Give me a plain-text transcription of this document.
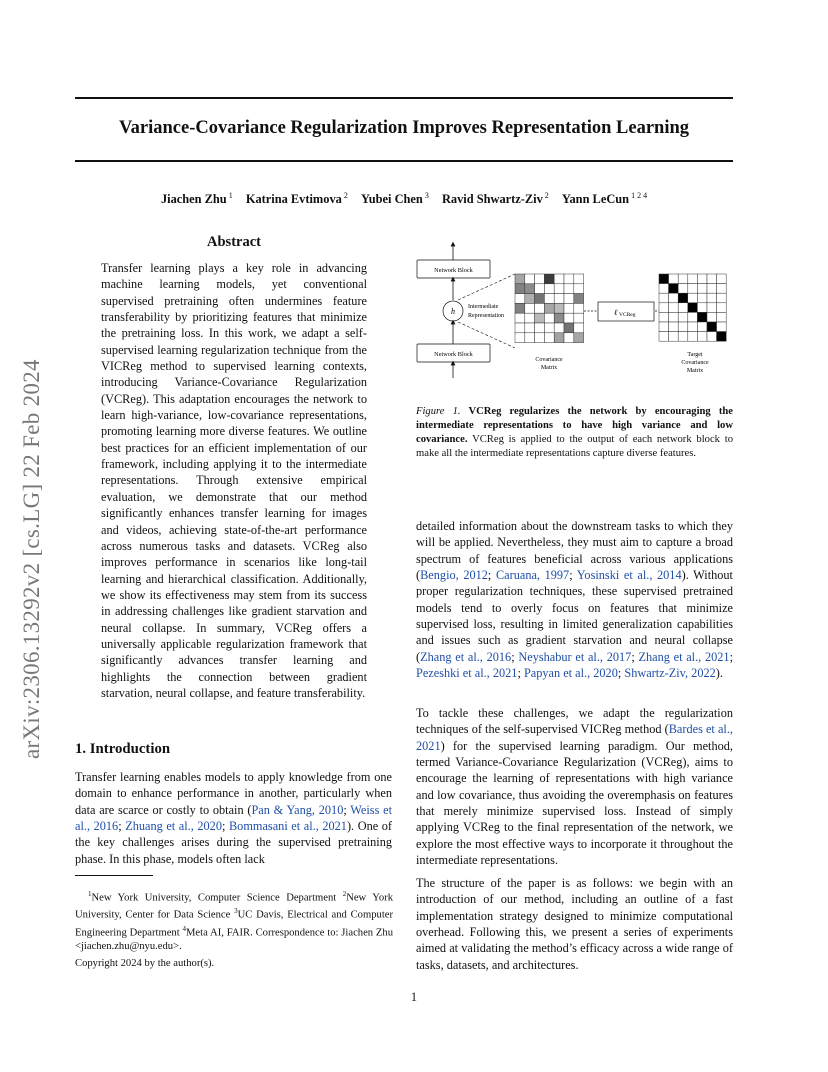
arXiv:2306.13292v2 [cs.LG] 22 Feb 2024
Variance-Covariance Regularization Improves Representation Learning
Jiachen Zhu $^1$ Katrina Evtimova $^2$ Yubei Chen $^3$ Ravid Shwartz-Ziv $^2$ Yann LeCun $^{1 2 4}$
Abstract
Transfer learning plays a key role in advancing machine learning models, yet conventional supervised pretraining often undermines feature transferability by prioritizing features that minimize the pretraining loss. In this work, we adapt a self-supervised learning regularization technique from the VICReg method to supervised learning contexts, introducing Variance-Covariance Regularization (VCReg). This adaptation encourages the network to learn high-variance, low-covariance representations, promoting learning more diverse features. We outline best practices for an efficient implementation of our framework, including applying it to the intermediate representations. Through extensive empirical evaluation, we demonstrate that our method significantly enhances transfer learning for images and videos, achieving state-of-the-art performance across numerous tasks and datasets. VCReg also improves performance in scenarios like long-tail learning and hierarchical classification. Additionally, we show its effectiveness may stem from its success in addressing challenges like gradient starvation and neural collapse. In summary, VCReg offers a universally applicable regularization framework that significantly advances transfer learning and highlights the connection between gradient starvation, neural collapse, and feature transferability.
1. Introduction
Transfer learning enables models to apply knowledge from one domain to enhance performance in another, particularly when data are scarce or costly to obtain (Pan & Yang, 2010; Weiss et al., 2016; Zhuang et al., 2020; Bommasani et al., 2021). One of the key challenges arises during the supervised pretraining phase. In this phase, models often lack
$^1$New York University, Computer Science Department $^2$New York University, Center for Data Science $^3$UC Davis, Electrical and Computer Engineering Department $^4$Meta AI, FAIR. Correspondence to: Jiachen Zhu <jiachen.zhu@nyu.edu>.
Copyright 2024 by the author(s).
Network Block
h Intermediate
Representation
Network Block
Covariance
Matrix
ℓ VCReg
Target
Covariance
Matrix
Figure 1. VCReg regularizes the network by encouraging the intermediate representations to have high variance and low covariance. VCReg is applied to the output of each network block to make all the intermediate representations capture diverse features.

detailed information about the downstream tasks to which they will be applied. Nevertheless, they must aim to capture a broad spectrum of features beneficial across various applications (Bengio, 2012; Caruana, 1997; Yosinski et al., 2014). Without proper regularization techniques, these supervised pretrained models tend to overly focus on features that minimize supervised loss, resulting in limited generalization capabilities and issues such as gradient starvation and neural collapse (Zhang et al., 2016; Neyshabur et al., 2017; Zhang et al., 2021; Pezeshki et al., 2021; Papyan et al., 2020; Shwartz-Ziv, 2022).

To tackle these challenges, we adapt the regularization techniques of the self-supervised VICReg method (Bardes et al., 2021) for the supervised learning paradigm. Our method, termed Variance-Covariance Regularization (VCReg), aims to encourage the learning of representations with high variance and low covariance, thus avoiding the overemphasis on features that merely minimize supervised loss. Instead of simply applying VCReg to the final representation of the network, we explore the most effective ways to incorporate it throughout the intermediate representations.

The structure of the paper is as follows: we begin with an introduction of our method, including an outline of a fast implementation strategy designed to minimize computational overhead. Following this, we present a series of experiments aimed at validating the method’s efficacy across a wide range of tasks, datasets, and architectures.

1
